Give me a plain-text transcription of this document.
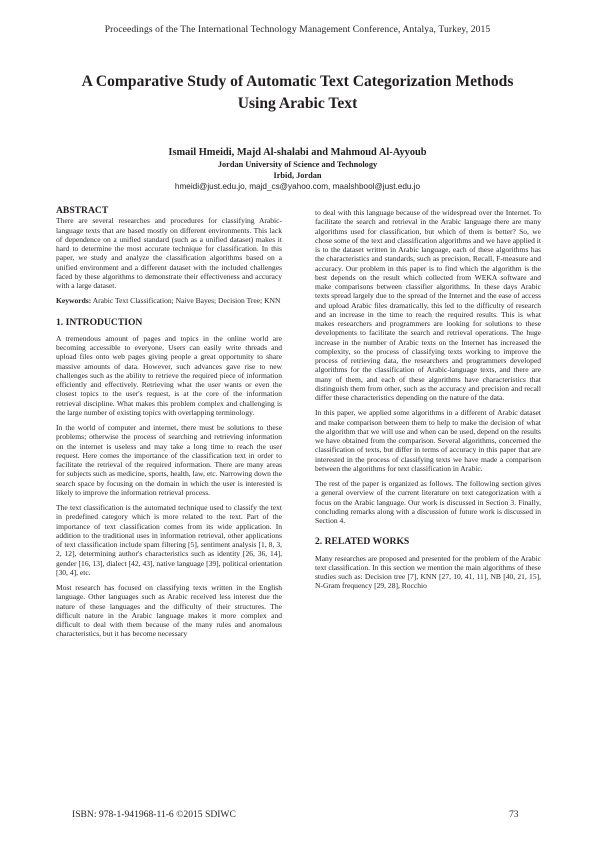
Proceedings of the The International Technology Management Conference, Antalya, Turkey, 2015
A Comparative Study of Automatic Text Categorization Methods
Using Arabic Text
Ismail Hmeidi, Majd Al-shalabi and Mahmoud Al-Ayyoub
Jordan University of Science and Technology
Irbid, Jordan
hmeidi@just.edu.jo, majd_cs@yahoo.com, maalshbool@just.edu.jo
ABSTRACT

There are several researches and procedures for classifying Arabic-language texts that are based mostly on different environments. This lack of dependence on a unified standard (such as a unified dataset) makes it hard to determine the most accurate technique for classification. In this paper, we study and analyze the classification algorithms based on a unified environment and a different dataset with the included challenges faced by these algorithms to demonstrate their effectiveness and accuracy with a large dataset.

Keywords: Arabic Text Classification; Naive Bayes; Decision Tree; KNN

1. INTRODUCTION

A tremendous amount of pages and topics in the online world are becoming accessible to everyone. Users can easily write threads and upload files onto web pages giving people a great opportunity to share massive amounts of data. However, such advances gave rise to new challenges such as the ability to retrieve the required piece of information efficiently and effectively. Retrieving what the user wants or even the closest topics to the user's request, is at the core of the information retrieval discipline. What makes this problem complex and challenging is the large number of existing topics with overlapping terminology.

In the world of computer and internet, there must be solutions to these problems; otherwise the process of searching and retrieving information on the internet is useless and may take a long time to reach the user request. Here comes the importance of the classification text in order to facilitate the retrieval of the required information. There are many areas for subjects such as medicine, sports, health, law, etc. Narrowing down the search space by focusing on the domain in which the user is interested is likely to improve the information retrieval process.

The text classification is the automated technique used to classify the text in predefined category which is more related to the text. Part of the importance of text classification comes from its wide application. In addition to the traditional uses in information retrieval, other applications of text classification include spam filtering [5], sentiment analysis [1, 8, 3, 2, 12], determining author's characteristics such as identity [26, 36, 14], gender [16, 13], dialect [42, 43], native language [39], political orientation [30, 4], etc.

Most research has focused on classifying texts written in the English language. Other languages such as Arabic received less interest due the nature of these languages and the difficulty of their structures. The difficult nature in the Arabic language makes it more complex and difficult to deal with them because of the many rules and anomalous characteristics, but it has become necessary

to deal with this language because of the widespread over the Internet. To facilitate the search and retrieval in the Arabic language there are many algorithms used for classification, but which of them is better? So, we chose some of the text and classification algorithms and we have applied it is to the dataset written in Arabic language, each of these algorithms has the characteristics and standards, such as precision, Recall, F-measure and accuracy. Our problem in this paper is to find which the algorithm is the best depends on the result which collected from WEKA software and make comparisons between classifier algorithms. In these days Arabic texts spread largely due to the spread of the Internet and the ease of access and upload Arabic files dramatically, this led to the difficulty of research and an increase in the time to reach the required results. This is what makes researchers and programmers are looking for solutions to these developments to facilitate the search and retrieval operations. The huge increase in the number of Arabic texts on the Internet has increased the complexity, so the process of classifying texts working to improve the process of retrieving data, the researchers and programmers developed algorithms for the classification of Arabic-language texts, and there are many of them, and each of these algorithms have characteristics that distinguish them from other, such as the accuracy and precision and recall differ these characteristics depending on the nature of the data.

In this paper, we applied some algorithms in a different of Arabic dataset and make comparison between them to help to make the decision of what the algorithm that we will use and when can be used, depend on the results we have obtained from the comparison. Several algorithms, concerned the classification of texts, but differ in terms of accuracy in this paper that are interested in the process of classifying texts we have made a comparison between the algorithms for text classification in Arabic.

The rest of the paper is organized as follows. The following section gives a general overview of the current literature on text categorization with a focus on the Arabic language. Our work is discussed in Section 3. Finally, concluding remarks along with a discussion of future work is discussed in Section 4.

2. RELATED WORKS

Many researches are proposed and presented for the problem of the Arabic text classification. In this section we mention the main algorithms of these studies such as: Decision tree [7], KNN [27, 10, 41, 11], NB [40, 21, 15], N-Gram frequency [29, 28], Rocchio

ISBN: 978-1-941968-11-6 ©2015 SDIWC	73
